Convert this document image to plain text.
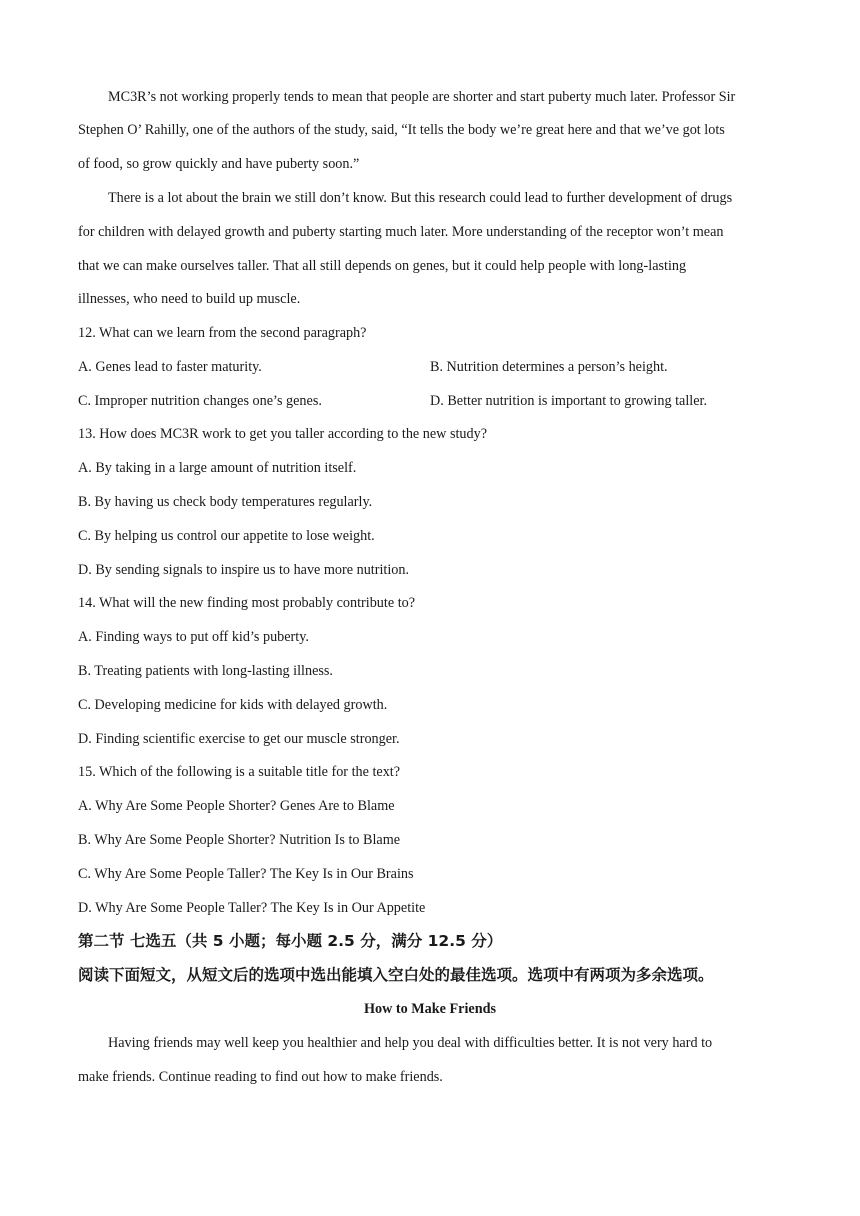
MC3R’s not working properly tends to mean that people are shorter and start puberty much later. Professor Sir
Stephen O’ Rahilly, one of the authors of the study, said, “It tells the body we’re great here and that we’ve got lots
of food, so grow quickly and have puberty soon.”
There is a lot about the brain we still don’t know. But this research could lead to further development of drugs
for children with delayed growth and puberty starting much later. More understanding of the receptor won’t mean
that we can make ourselves taller. That all still depends on genes, but it could help people with long-lasting
illnesses, who need to build up muscle.
12. What can we learn from the second paragraph?
A. Genes lead to faster maturity.	B. Nutrition determines a person’s height.
C. Improper nutrition changes one’s genes.	D. Better nutrition is important to growing taller.
13. How does MC3R work to get you taller according to the new study?
A. By taking in a large amount of nutrition itself.
B. By having us check body temperatures regularly.
C. By helping us control our appetite to lose weight.
D. By sending signals to inspire us to have more nutrition.
14. What will the new finding most probably contribute to?
A. Finding ways to put off kid’s puberty.
B. Treating patients with long-lasting illness.
C. Developing medicine for kids with delayed growth.
D. Finding scientific exercise to get our muscle stronger.
15. Which of the following is a suitable title for the text?
A. Why Are Some People Shorter? Genes Are to Blame
B. Why Are Some People Shorter? Nutrition Is to Blame
C. Why Are Some People Taller? The Key Is in Our Brains
D. Why Are Some People Taller? The Key Is in Our Appetite
第二节 七选五（共 5 小题；每小题 2.5 分，满分 12.5 分）
阅读下面短文，从短文后的选项中选出能填入空白处的最佳选项。选项中有两项为多余选项。
How to Make Friends
Having friends may well keep you healthier and help you deal with difficulties better. It is not very hard to
make friends. Continue reading to find out how to make friends.
